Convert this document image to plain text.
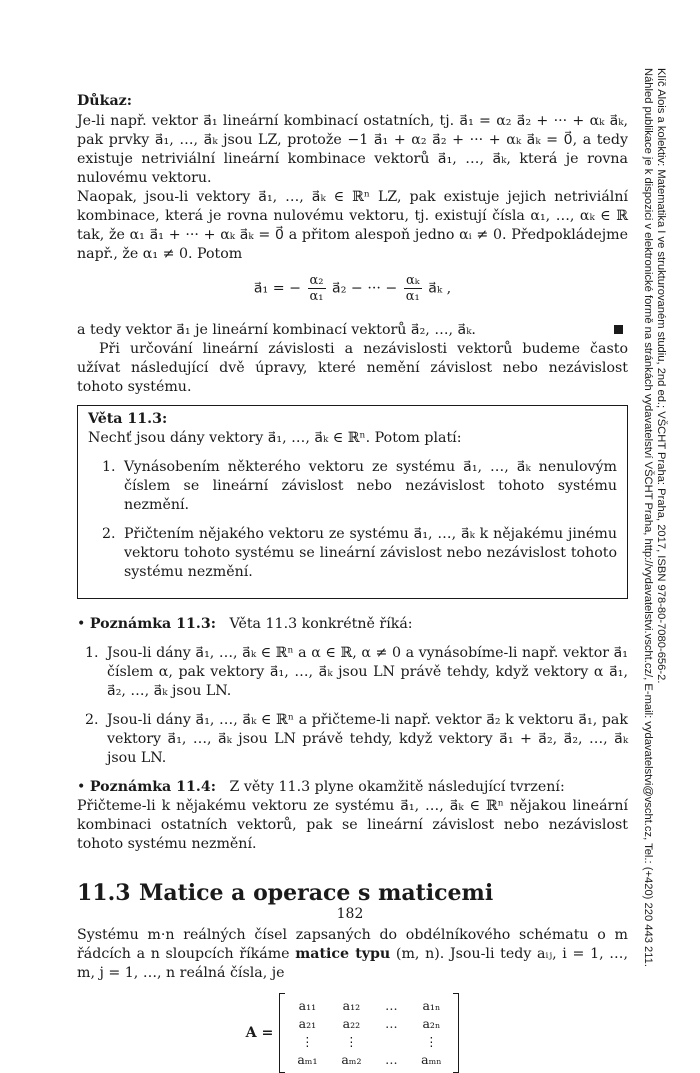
Důkaz:

Je-li např. vektor a⃗₁ lineární kombinací ostatních, tj. a⃗₁ = α₂ a⃗₂ + ··· + αₖ a⃗ₖ, pak prvky a⃗₁, …, a⃗ₖ jsou LZ, protože −1 a⃗₁ + α₂ a⃗₂ + ··· + αₖ a⃗ₖ = 0⃗, a tedy existuje netriviální lineární kombinace vektorů a⃗₁, …, a⃗ₖ, která je rovna nulovému vektoru.

Naopak, jsou-li vektory a⃗₁, …, a⃗ₖ ∈ ℝⁿ LZ, pak existuje jejich netriviální kombinace, která je rovna nulovému vektoru, tj. existují čísla α₁, …, αₖ ∈ ℝ tak, že α₁ a⃗₁ + ··· + αₖ a⃗ₖ = 0⃗ a přitom alespoň jedno αᵢ ≠ 0. Předpokládejme např., že α₁ ≠ 0. Potom

a⃗₁ = − $\frac{\text{α₂}}{\text{α₁}}$ a⃗₂ − ··· − $\frac{\text{αₖ}}{\text{α₁}}$ a⃗ₖ ,

a tedy vektor a⃗₁ je lineární kombinací vektorů a⃗₂, …, a⃗ₖ.

Při určování lineární závislosti a nezávislosti vektorů budeme často užívat následující dvě úpravy, které nemění závislost nebo nezávislost tohoto systému.

Věta 11.3:

Nechť jsou dány vektory a⃗₁, …, a⃗ₖ ∈ ℝⁿ. Potom platí:

1. Vynásobením některého vektoru ze systému a⃗₁, …, a⃗ₖ nenulovým číslem se lineární závislost nebo nezávislost tohoto systému nezmění.
2. Přičtením nějakého vektoru ze systému a⃗₁, …, a⃗ₖ k nějakému jinému vektoru tohoto systému se lineární závislost nebo nezávislost tohoto systému nezmění.

• Poznámka 11.3: Věta 11.3 konkrétně říká:

1. Jsou-li dány a⃗₁, …, a⃗ₖ ∈ ℝⁿ a α ∈ ℝ, α ≠ 0 a vynásobíme-li např. vektor a⃗₁ číslem α, pak vektory a⃗₁, …, a⃗ₖ jsou LN právě tehdy, když vektory α a⃗₁, a⃗₂, …, a⃗ₖ jsou LN.
2. Jsou-li dány a⃗₁, …, a⃗ₖ ∈ ℝⁿ a přičteme-li např. vektor a⃗₂ k vektoru a⃗₁, pak vektory a⃗₁, …, a⃗ₖ jsou LN právě tehdy, když vektory a⃗₁ + a⃗₂, a⃗₂, …, a⃗ₖ jsou LN.

• Poznámka 11.4: Z věty 11.3 plyne okamžitě následující tvrzení:

Přičteme-li k nějakému vektoru ze systému a⃗₁, …, a⃗ₖ ∈ ℝⁿ nějakou lineární kombinaci ostatních vektorů, pak se lineární závislost nebo nezávislost tohoto systému nezmění.

11.3 Matice a operace s maticemi

Systému m·n reálných čísel zapsaných do obdélníkového schématu o m řádcích a n sloupcích říkáme matice typu (m, n). Jsou-li tedy aᵢⱼ, i = 1, …, m, j = 1, …, n reálná čísla, je

A =
a₁₁	a₁₂	…	a₁ₙ
a₂₁	a₂₂	…	a₂ₙ
⋮	⋮	⋮
aₘ₁	aₘ₂	…	aₘₙ
182
Klíč Alois a kolektiv: Matematika I ve strukturovaném studiu, 2nd ed.; VŠCHT Praha: Praha, 2017, ISBN 978-80-7080-656-2.
Náhled publikace je k dispozici v elektronické formě na stránkách vydavatelství VŠCHT Praha, http://vydavatelstvi.vscht.cz/, E-mail: vydavatelstvi@vscht.cz, Tel.: (+420) 220 443 211.
